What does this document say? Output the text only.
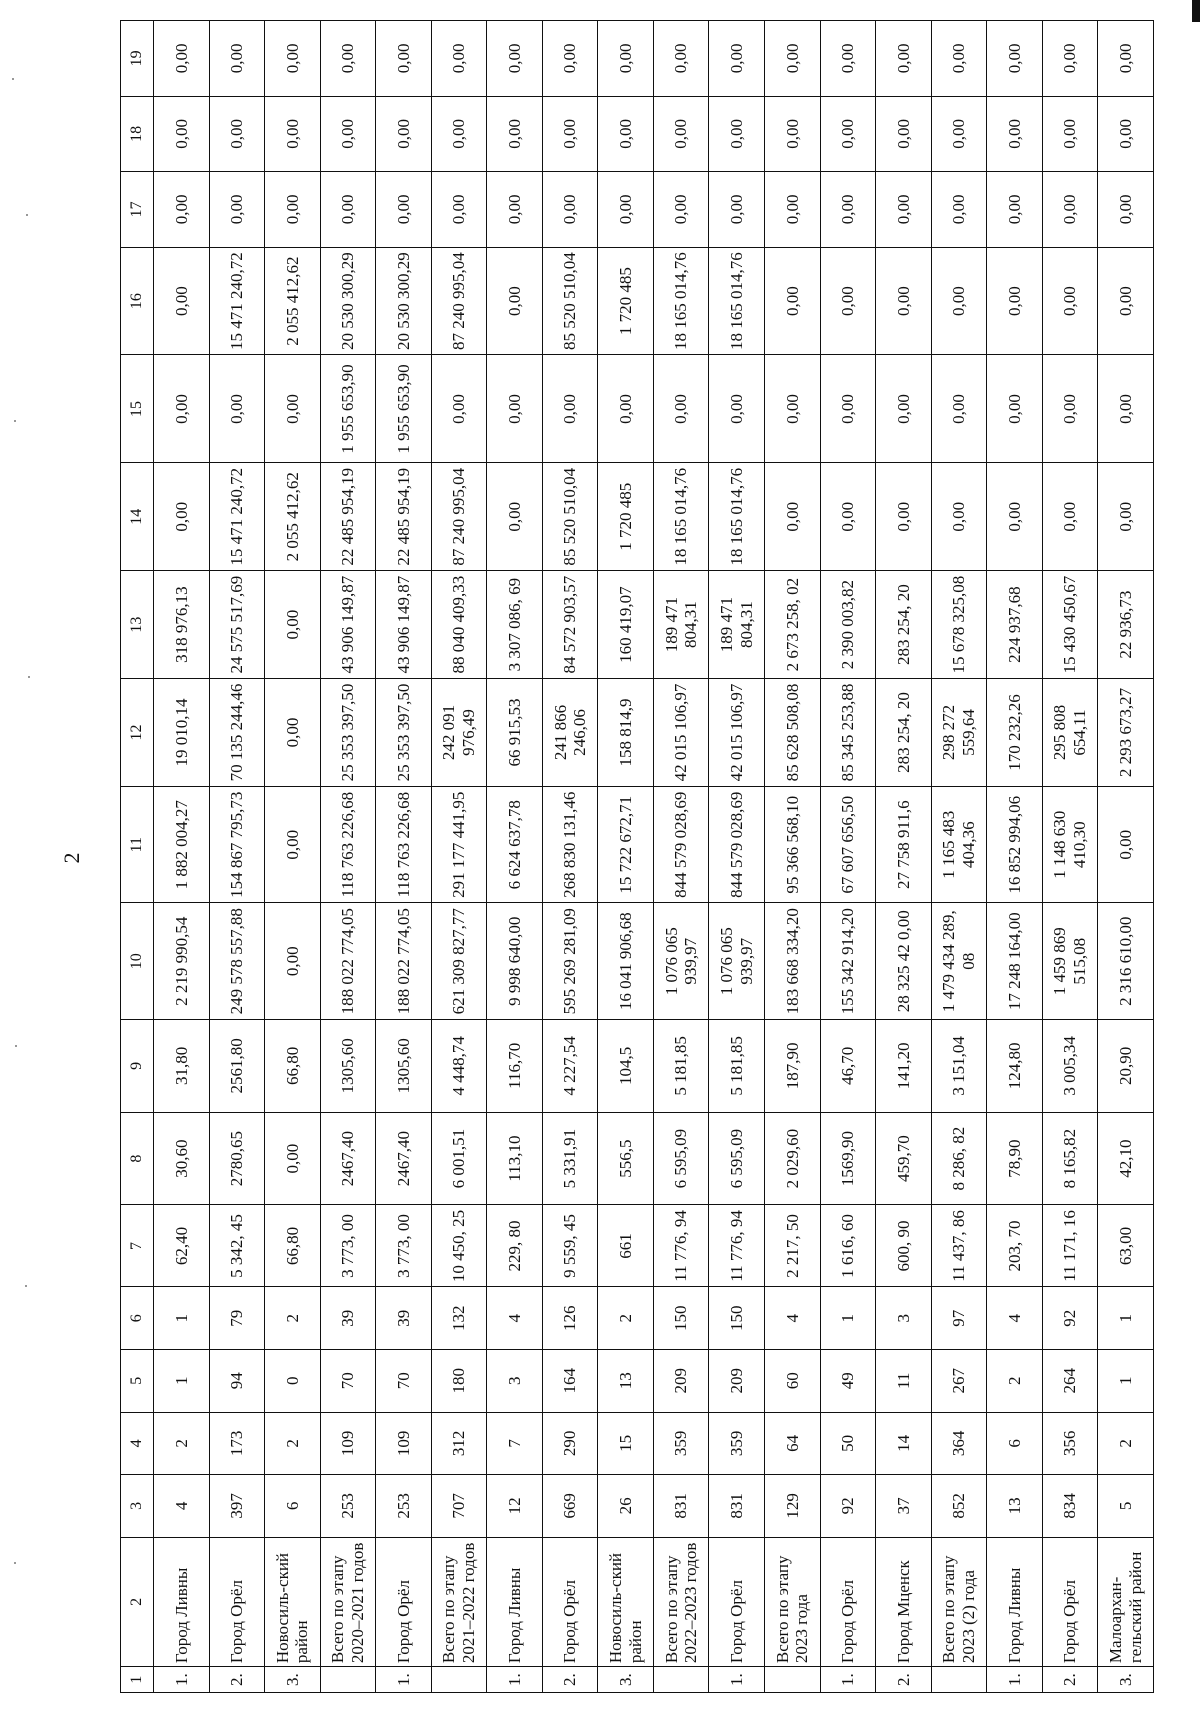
2
1	2	3	4	5	6	7	8	9	10	11	12	13	14	15	16	17	18	19
1.	Город Ливны	4	2	1	1	62,40	30,60	31,80	2 219 990,54	1 882 004,27	19 010,14	318 976,13	0,00	0,00	0,00	0,00	0,00	0,00
2.	Город Орёл	397	173	94	79	5 342, 45	2780,65	2561,80	249 578 557,88	154 867 795,73	70 135 244,46	24 575 517,69	15 471 240,72	0,00	15 471 240,72	0,00	0,00	0,00
3.	Новосиль-ский район	6	2	0	2	66,80	0,00	66,80	0,00	0,00	0,00	0,00	2 055 412,62	0,00	2 055 412,62	0,00	0,00	0,00
	Всего по этапу 2020–2021 годов	253	109	70	39	3 773, 00	2467,40	1305,60	188 022 774,05	118 763 226,68	25 353 397,50	43 906 149,87	22 485 954,19	1 955 653,90	20 530 300,29	0,00	0,00	0,00
1.	Город Орёл	253	109	70	39	3 773, 00	2467,40	1305,60	188 022 774,05	118 763 226,68	25 353 397,50	43 906 149,87	22 485 954,19	1 955 653,90	20 530 300,29	0,00	0,00	0,00
	Всего по этапу 2021–2022 годов	707	312	180	132	10 450, 25	6 001,51	4 448,74	621 309 827,77	291 177 441,95	242 091 976,49	88 040 409,33	87 240 995,04	0,00	87 240 995,04	0,00	0,00	0,00
1.	Город Ливны	12	7	3	4	229, 80	113,10	116,70	9 998 640,00	6 624 637,78	66 915,53	3 307 086, 69	0,00	0,00	0,00	0,00	0,00	0,00
2.	Город Орёл	669	290	164	126	9 559, 45	5 331,91	4 227,54	595 269 281,09	268 830 131,46	241 866 246,06	84 572 903,57	85 520 510,04	0,00	85 520 510,04	0,00	0,00	0,00
3.	Новосиль-ский район	26	15	13	2	661	556,5	104,5	16 041 906,68	15 722 672,71	158 814,9	160 419,07	1 720 485	0,00	1 720 485	0,00	0,00	0,00
	Всего по этапу 2022–2023 годов	831	359	209	150	11 776, 94	6 595,09	5 181,85	1 076 065 939,97	844 579 028,69	42 015 106,97	189 471 804,31	18 165 014,76	0,00	18 165 014,76	0,00	0,00	0,00
1.	Город Орёл	831	359	209	150	11 776, 94	6 595,09	5 181,85	1 076 065 939,97	844 579 028,69	42 015 106,97	189 471 804,31	18 165 014,76	0,00	18 165 014,76	0,00	0,00	0,00
	Всего по этапу 2023 года	129	64	60	4	2 217, 50	2 029,60	187,90	183 668 334,20	95 366 568,10	85 628 508,08	2 673 258, 02	0,00	0,00	0,00	0,00	0,00	0,00
1.	Город Орёл	92	50	49	1	1 616, 60	1569,90	46,70	155 342 914,20	67 607 656,50	85 345 253,88	2 390 003,82	0,00	0,00	0,00	0,00	0,00	0,00
2.	Город Мценск	37	14	11	3	600, 90	459,70	141,20	28 325 42 0,00	27 758 911,6	283 254, 20	283 254, 20	0,00	0,00	0,00	0,00	0,00	0,00
	Всего по этапу 2023 (2) года	852	364	267	97	11 437, 86	8 286, 82	3 151,04	1 479 434 289, 08	1 165 483 404,36	298 272 559,64	15 678 325,08	0,00	0,00	0,00	0,00	0,00	0,00
1.	Город Ливны	13	6	2	4	203, 70	78,90	124,80	17 248 164,00	16 852 994,06	170 232,26	224 937,68	0,00	0,00	0,00	0,00	0,00	0,00
2.	Город Орёл	834	356	264	92	11 171, 16	8 165,82	3 005,34	1 459 869 515,08	1 148 630 410,30	295 808 654,11	15 430 450,67	0,00	0,00	0,00	0,00	0,00	0,00
3.	Малоархан-гельский район	5	2	1	1	63,00	42,10	20,90	2 316 610,00	0,00	2 293 673,27	22 936,73	0,00	0,00	0,00	0,00	0,00	0,00
